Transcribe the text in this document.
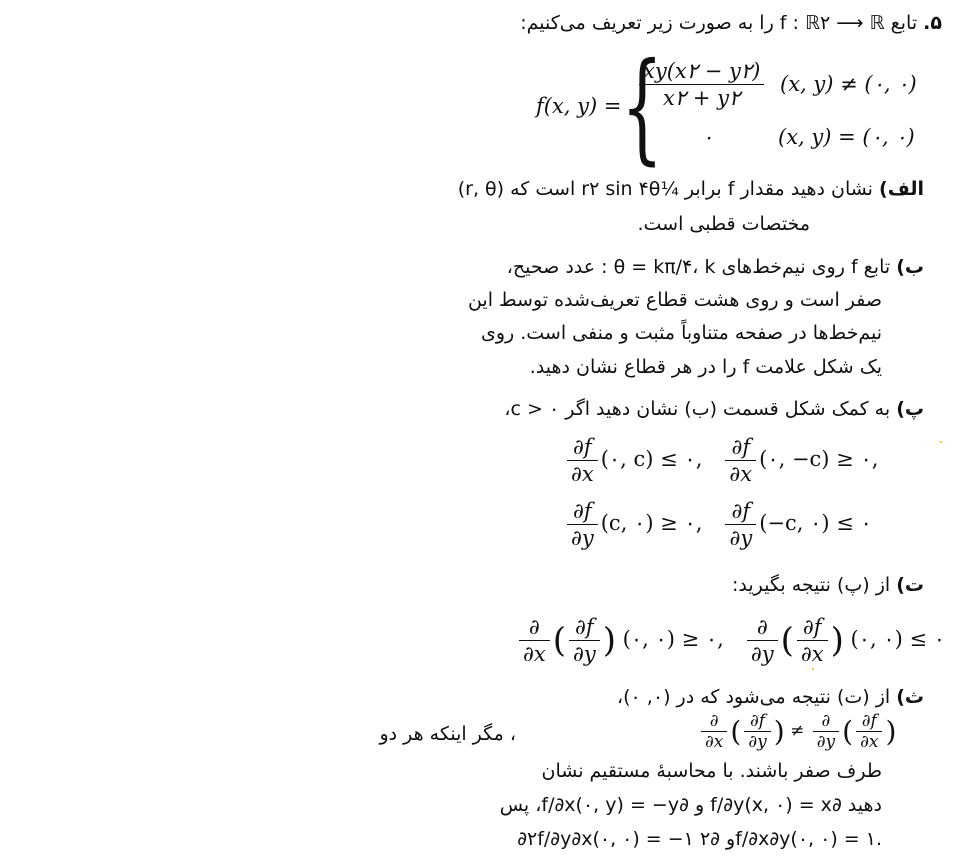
۵. تابع f : ℝ۲ ⟶ ℝ را به صورت زیر تعریف می‌کنیم:
f(x, y) = {
$\frac{xy(x۲ - y۲)}{x۲ + y۲} (x$, y) ≠ (۰, ۰)
۰	(x, y) = (۰, ۰)
الف) نشان دهید مقدار f برابر ¼r۲ sin ۴θ است که (r, θ)
مختصات قطبی است.
ب) تابع f روی نیم‌خط‌های θ = kπ/۴، k : عدد صحیح،
صفر است و روی هشت قطاع تعریف‌شده توسط این
نیم‌خط‌ها در صفحه متناوباً مثبت و منفی است. روی
یک شکل علامت f را در هر قطاع نشان دهید.
پ) به کمک شکل قسمت (ب) نشان دهید اگر c > ۰،
$\frac{\partial f}{\partial x}$ (۰, c) ≤ ۰, $\frac{\partial f}{\partial x}$ (۰, −c) ≥ ۰,
$\frac{\partial f}{\partial y} (c$, ۰) ≥ ۰, $\frac{\partial f}{\partial y} (-c$, ۰) ≤ ۰
ت) از (پ) نتیجه بگیرید:
$\frac{\partial}{\partial x}$ ( $\frac{\partial f}{\partial y}$ ) (۰, ۰) ≥ ۰, $\frac{\partial}{\partial y}$ ( $\frac{\partial f}{\partial x}$ ) (۰, ۰) ≤ ۰
ث) از (ت) نتیجه می‌شود که در (۰, ۰)،
، مگر اینکه هر دو	$\frac{\partial}{\partial x}$ ( $\frac{\partial f}{\partial y}$ ) ≠ $\frac{\partial}{\partial y}$ ( $\frac{\partial f}{\partial x}$ )
طرف صفر باشند. با محاسبهٔ مستقیم نشان
دهید ∂f/∂y(x, ۰) = x و ∂f/∂x(۰, y) = −y، پس
∂۲f/∂y∂x(۰, ۰) = −۱ و ∂۲f/∂x∂y(۰, ۰) = ۱.
